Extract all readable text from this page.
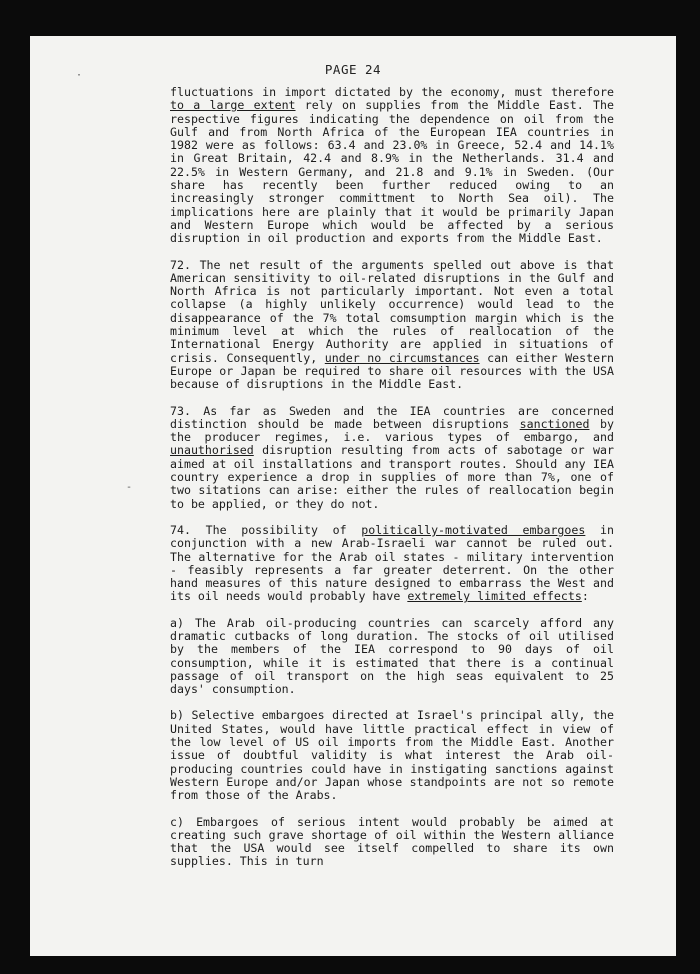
·
-
PAGE 24

fluctuations in import dictated by the economy, must therefore to a large extent rely on supplies from the Middle East. The respective figures indicating the dependence on oil from the Gulf and from North Africa of the European IEA countries in 1982 were as follows: 63.4 and 23.0% in Greece, 52.4 and 14.1% in Great Britain, 42.4 and 8.9% in the Netherlands. 31.4 and 22.5% in Western Germany, and 21.8 and 9.1% in Sweden. (Our share has recently been further reduced owing to an increasingly stronger committment to North Sea oil). The implications here are plainly that it would be primarily Japan and Western Europe which would be affected by a serious disruption in oil production and exports from the Middle East.

72. The net result of the arguments spelled out above is that American sensitivity to oil-related disruptions in the Gulf and North Africa is not particularly important. Not even a total collapse (a highly unlikely occurrence) would lead to the disappearance of the 7% total comsumption margin which is the minimum level at which the rules of reallocation of the International Energy Authority are applied in situations of crisis. Consequently, under no circumstances can either Western Europe or Japan be required to share oil resources with the USA because of disruptions in the Middle East.

73. As far as Sweden and the IEA countries are concerned distinction should be made between disruptions sanctioned by the producer regimes, i.e. various types of embargo, and unauthorised disruption resulting from acts of sabotage or war aimed at oil installations and transport routes. Should any IEA country experience a drop in supplies of more than 7%, one of two sitations can arise: either the rules of reallocation begin to be applied, or they do not.

74. The possibility of politically-motivated embargoes in conjunction with a new Arab-Israeli war cannot be ruled out. The alternative for the Arab oil states - military intervention - feasibly represents a far greater deterrent. On the other hand measures of this nature designed to embarrass the West and its oil needs would probably have extremely limited effects:

a) The Arab oil-producing countries can scarcely afford any dramatic cutbacks of long duration. The stocks of oil utilised by the members of the IEA correspond to 90 days of oil consumption, while it is estimated that there is a continual passage of oil transport on the high seas equivalent to 25 days' consumption.

b) Selective embargoes directed at Israel's principal ally, the United States, would have little practical effect in view of the low level of US oil imports from the Middle East. Another issue of doubtful validity is what interest the Arab oil-producing countries could have in instigating sanctions against Western Europe and/or Japan whose standpoints are not so remote from those of the Arabs.

c) Embargoes of serious intent would probably be aimed at creating such grave shortage of oil within the Western alliance that the USA would see itself compelled to share its own supplies. This in turn
